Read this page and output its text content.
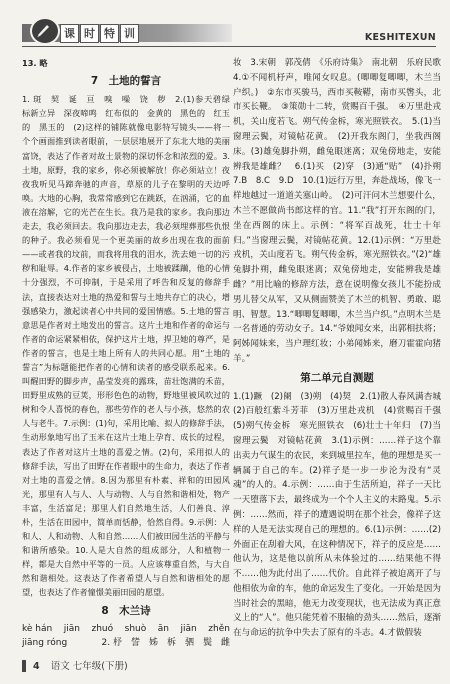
课 时 特 训	KESHITEXUN

13. 略

7　土地的誓言

1. 斑　契　诞　亘　嗅　噪　饶　秽　2.(1)参天碧绿　标新立异　深夜啼鸣　红布似的　金黄的　黑色的　红玉的　黑玉的　(2)这样的铺陈就像电影特写镜头——将一个个画面推到读者眼前，一层层地展开了东北大地的美丽富饶，表达了作者对故土景物的深切怀念和浓烈的爱。3.土地，原野，我的家乡，你必须被解放！你必须站立！夜夜我听见马蹄奔驰的声音，草原的儿子在黎明的天边呼唤。大地的心胸，我常常感到它在跳跃，在汹涌，它的血液在溶解，它的光芒在生长。我乃是我的家乡。我向那边走去，我必须回去。我向那边走去，我必须埋葬那些仇恨的种子。我必须看见一个更美丽的故乡出现在我的面前——或者我的坟前，而我将用我的泪水，洗去她一切的污秽和耻辱。4.作者的家乡被侵占，土地被蹂躏，他的心情十分强烈，不可抑制，于是采用了呼告和反复的修辞手法，直接表达对土地的热爱和誓与土地共存亡的决心，增强感染力，激起读者心中共同的爱国情感。5.土地的誓言意思是作者对土地发出的誓言。这片土地和作者的命运与作者的命运紧紧相依，保护这片土地，捍卫她的尊严，是作者的誓言，也是土地上所有人的共同心愿。用“土地的誓言”为标题能把作者的心情和读者的感受联系起来。6.叫醒田野的脚步声，晶莹发亮的露珠，苗壮饱满的禾苗，田野里成熟的豆荚，形形色色的动物，野地里被风吹过的树和令人喜悦的春色，那些劳作的老人与小孩，悠然的农人与老牛。7.示例：(1)句，采用比喻、拟人的修辞手法，生动形象地写出了玉米在这片土地上孕育、成长的过程，表达了作者对这片土地的喜爱之情。(2)句，采用拟人的修辞手法，写出了田野在作者眼中的生命力，表达了作者对土地的喜爱之情。8.因为那里有朴素、祥和的田园风光，那里有人与人、人与动物、人与自然和谐相处，物产丰富，生活富足；那里人们自然地生活，人们善良、淳朴，生活在田园中，简单而恬静，恰然自得。9.示例：人和人、人和动物、人和自然……人们被田园生活的平静与和谐所感染。10.人是大自然的组成部分，人和植物一样，都是大自然中平等的一员。人应该尊重自然，与大自然和谐相处。这表达了作者希望人与自然和谐相处的愿望，也表达了作者憧憬美丽田园的愿望。

8　木兰诗
kè hán jiān zhuó shuò ān jiān zhěn
jiāng róng	2. 杼　訾　姊　柝　驷　鬓　雌

妆　3.宋朝　郭茂倩　《乐府诗集》　南北朝　乐府民歌　4.①不闻机杼声，唯闻女叹息。(唧唧复唧唧，木兰当户织。)　②东市买骏马，西市买鞍鞯，南市买辔头，北市买长鞭。　③策勋十二转，赏赐百千强。　④万里赴戎机，关山度若飞。朔气传金柝，寒光照铁衣。　5.(1)当窗理云鬓，对镜帖花黄。　(2)开我东阁门，坐我西阁床。(3)雄兔脚扑朔，雌兔眼迷离；双兔傍地走，安能辨我是雄雌？　6.(1)买　(2)穿　(3)通“贴”　(4)扑朔　7.B　8.C　9.D　10.(1)远行万里，奔赴战场，像飞一样地越过一道道关塞山岭。　(2)可汗问木兰想要什么，木兰不愿做尚书郎这样的官。11.“我”打开东阁的门，坐在西阁的床上。示例：“将军百战死，壮士十年归。”当窗理云鬓，对镜帖花黄。12.(1)示例：“万里赴戎机，关山度若飞。朔气传金柝，寒光照铁衣。”(2)“雄兔脚扑朔，雌兔眼迷离；双兔傍地走，安能辨我是雄雌？”用比喻的修辞方法，意在说明像女孩儿不能扮成男儿替父从军，又从侧面赞美了木兰的机智、勇敢、聪明、智慧。13.“唧唧复唧唧，木兰当户织。”点明木兰是一名普通的劳动女子。14.“爷娘闻女来，出郭相扶将；阿姊闻妹来，当户理红妆；小弟闻姊来，磨刀霍霍向猪羊。”

第二单元自测题

1.(1)蹶　(2)阑　(3)朔　(4)契　2.(1)散人春风满杏城　(2)百般红紫斗芳菲　(3)万里赴戎机　(4)赏赐百千强　(5)朔气传金柝　寒光照铁衣　(6)壮士十年归　(7)当窗理云鬓　对镜帖花黄　3.(1)示例：……祥子这个靠出卖力气谋生的农民，来到城里拉车，他的理想是买一辆属于自己的车。(2)祥子是一步一步沦为没有“灵魂”的人的。4.示例：……由于生活所迫，祥子一天比一天堕落下去，最终成为一个个人主义的末路鬼。5.示例：……然而，祥子的遭遇说明在那个社会，像祥子这样的人是无法实现自己的理想的。6.(1)示例：……(2)外面正在刮着大风，在这种情况下，祥子的反应是……他认为，这是他以前所从未体验过的……结果他不得不……他为此付出了……代价。自此祥子被迫离开了与他相依为命的车，他的命运发生了变化。一开始是因为当时社会的黑暗，他无力改变现状，也无法成为真正意义上的“人”。他只能凭着不服输的劲头……然后，逐渐在与命运的抗争中失去了原有的斗志。4.才做假装

4 语文 七年级(下册)
